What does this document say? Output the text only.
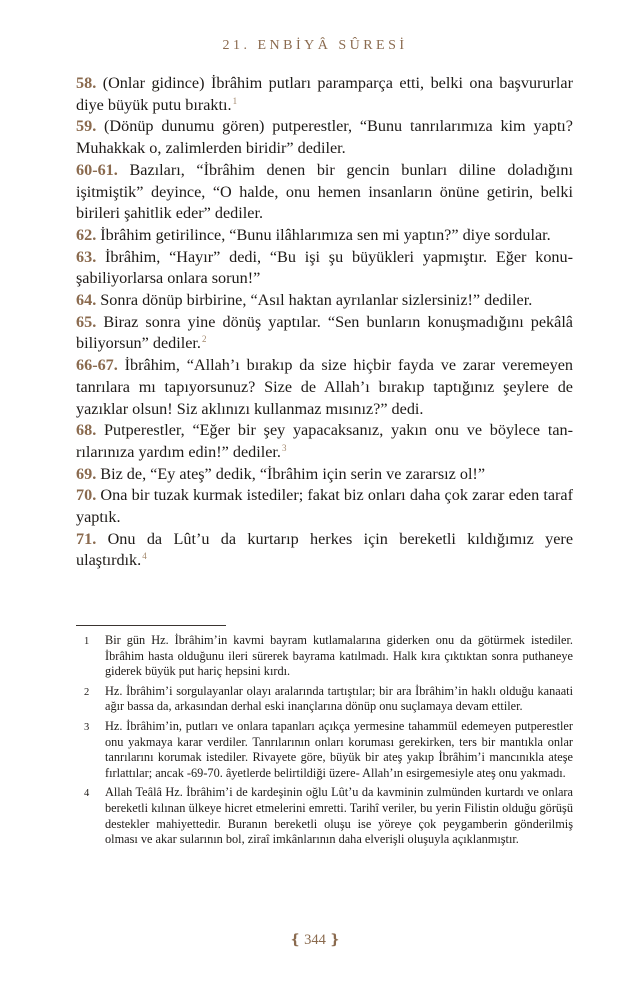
21. ENBİYÂ SÛRESİ

58. (Onlar gidince) İbrâhim putları paramparça etti, belki ona başvururlar diye büyük putu bıraktı.$^1$

59. (Dönüp dunumu gören) putperestler, “Bunu tanrılarımıza kim yaptı? Muhakkak o, zalimlerden biridir” dediler.

60-61. Bazıları, “İbrâhim denen bir gencin bunları diline doladığını işitmiştik” deyince, “O halde, onu hemen insanların önüne getirin, belki birileri şahitlik eder” dediler.

62. İbrâhim getirilince, “Bunu ilâhlarımıza sen mi yaptın?” diye sordular.

63. İbrâhim, “Hayır” dedi, “Bu işi şu büyükleri yapmıştır. Eğer konuşabiliyorlarsa onlara sorun!”

64. Sonra dönüp birbirine, “Asıl haktan ayrılanlar sizlersiniz!” dediler.

65. Biraz sonra yine dönüş yaptılar. “Sen bunların konuşmadığını pekâlâ biliyorsun” dediler.$^2$

66-67. İbrâhim, “Allah’ı bırakıp da size hiçbir fayda ve zarar veremeyen tanrılara mı tapıyorsunuz? Size de Allah’ı bırakıp taptığınız şeylere de yazıklar olsun! Siz aklınızı kullanmaz mısınız?” dedi.

68. Putperestler, “Eğer bir şey yapacaksanız, yakın onu ve böylece tanrılarınıza yardım edin!” dediler.$^3$

69. Biz de, “Ey ateş” dedik, “İbrâhim için serin ve zararsız ol!”

70. Ona bir tuzak kurmak istediler; fakat biz onları daha çok zarar eden taraf yaptık.

71. Onu da Lût’u da kurtarıp herkes için bereketli kıldığımız yere ulaştırdık.$^4$

1 Bir gün Hz. İbrâhim’in kavmi bayram kutlamalarına giderken onu da götürmek istediler. İbrâhim hasta olduğunu ileri sürerek bayrama katılmadı. Halk kıra çıktıktan sonra puthaneye giderek büyük put hariç hepsini kırdı.
2 Hz. İbrâhim’i sorgulayanlar olayı aralarında tartıştılar; bir ara İbrâhim’in haklı olduğu kanaati ağır bassa da, arkasından derhal eski inançlarına dönüp onu suçlamaya devam ettiler.
3 Hz. İbrâhim’in, putları ve onlara tapanları açıkça yermesine tahammül edemeyen putperestler onu yakmaya karar verdiler. Tanrılarının onları koruması gerekirken, ters bir mantıkla onlar tanrılarını korumak istediler. Rivayete göre, büyük bir ateş yakıp İbrâhim’i mancınıkla ateşe fırlattılar; ancak -69-70. âyetlerde belirtildiği üzere- Allah’ın esirgemesiyle ateş onu yakmadı.
4 Allah Teâlâ Hz. İbrâhim’i de kardeşinin oğlu Lût’u da kavminin zulmünden kurtardı ve onlara bereketli kılınan ülkeye hicret etmelerini emretti. Tarihî veriler, bu yerin Filistin olduğu görüşü destekler mahiyettedir. Buranın bereketli oluşu ise yöreye çok peygamberin gönderilmiş olması ve akar sularının bol, ziraî imkânlarının daha elverişli oluşuyla açıklanmıştır.
❴ 344 ❵
